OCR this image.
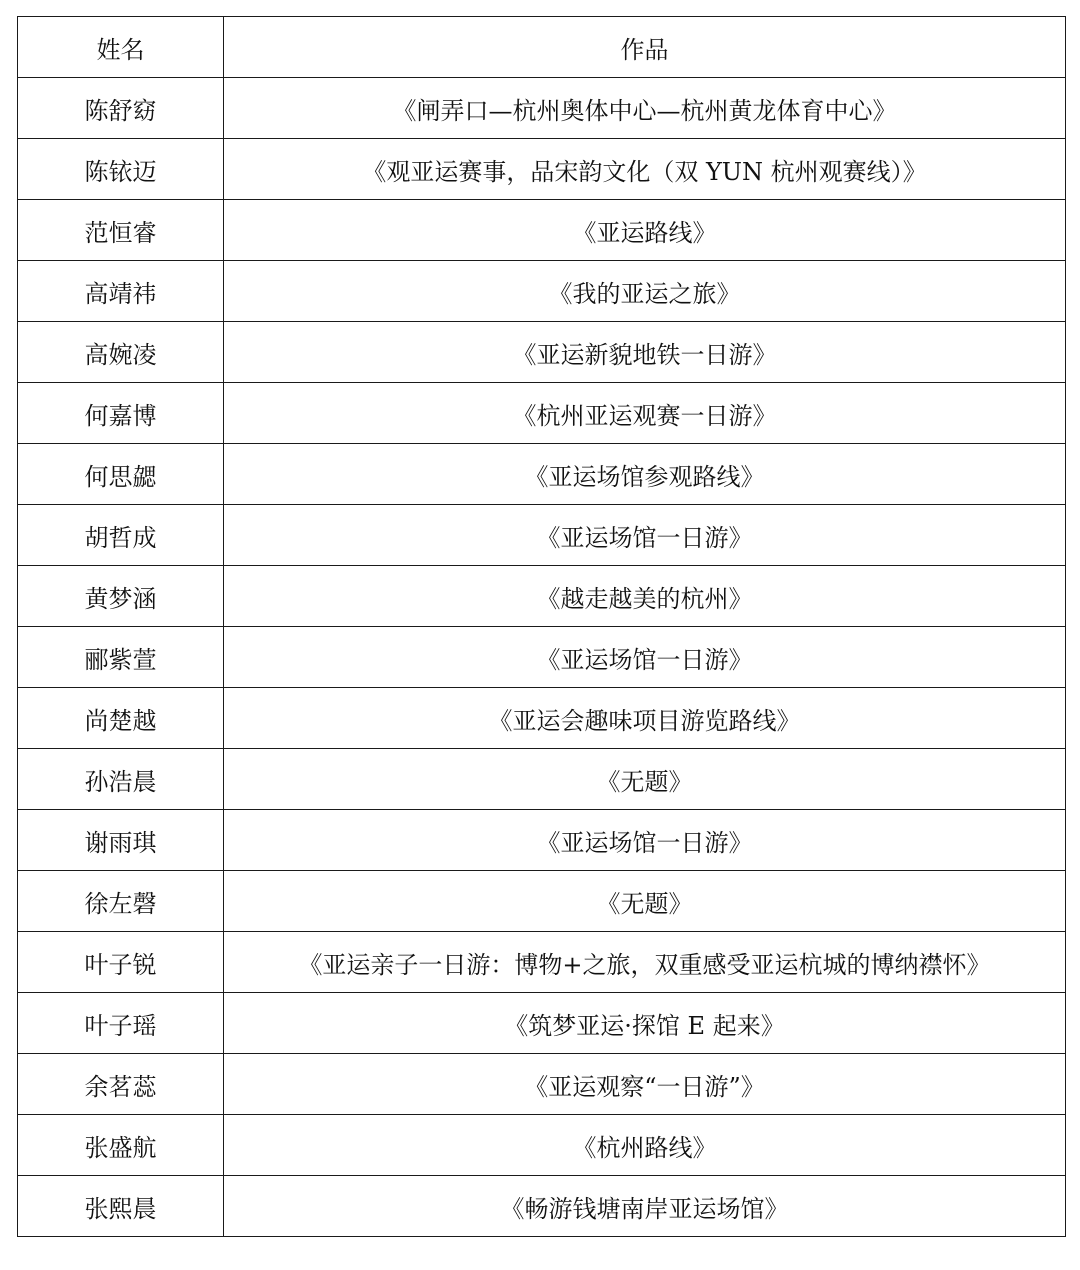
姓名	作品
陈舒窈	《闸弄口—杭州奥体中心—杭州黄龙体育中心》
陈铱迈	《观亚运赛事，品宋韵文化（双 YUN 杭州观赛线）》
范恒睿	《亚运路线》
高靖祎	《我的亚运之旅》
高婉凌	《亚运新貌地铁一日游》
何嘉博	《杭州亚运观赛一日游》
何思勰	《亚运场馆参观路线》
胡哲成	《亚运场馆一日游》
黄梦涵	《越走越美的杭州》
郦紫萱	《亚运场馆一日游》
尚楚越	《亚运会趣味项目游览路线》
孙浩晨	《无题》
谢雨琪	《亚运场馆一日游》
徐左磬	《无题》
叶子锐	《亚运亲子一日游：博物+之旅，双重感受亚运杭城的博纳襟怀》
叶子瑶	《筑梦亚运·探馆 E 起来》
余茗蕊	《亚运观察“一日游”》
张盛航	《杭州路线》
张熙晨	《畅游钱塘南岸亚运场馆》
